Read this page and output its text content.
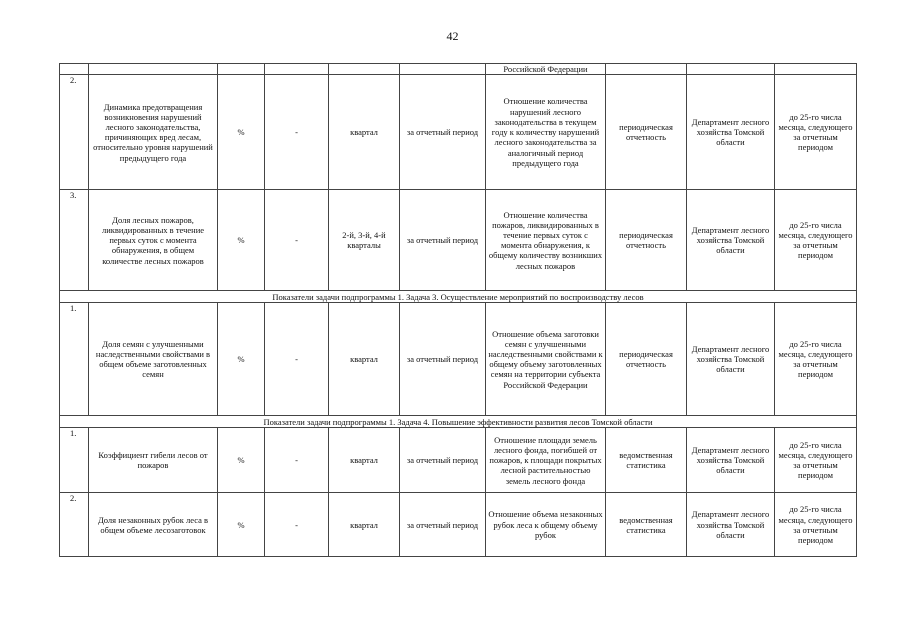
42
						Российской Федерации			
2.	Динамика предотвращения возникновения нарушений лесного законодательства, причиняющих вред лесам, относительно уровня нарушений предыдущего года	%	-	квартал	за отчетный период	Отношение количества нарушений лесного законодательства в текущем году к количеству нарушений лесного законодательства за аналогичный период предыдущего года	периодическая отчетность	Департамент лесного хозяйства Томской области	до 25-го числа месяца, следующего за отчетным периодом
3.	Доля лесных пожаров, ликвидированных в течение первых суток с момента обнаружения, в общем количестве лесных пожаров	%	-	2-й, 3-й, 4-й кварталы	за отчетный период	Отношение количества пожаров, ликвидированных в течение первых суток с момента обнаружения, к общему количеству возникших лесных пожаров	периодическая отчетность	Департамент лесного хозяйства Томской области	до 25-го числа месяца, следующего за отчетным периодом
Показатели задачи подпрограммы 1. Задача 3. Осуществление мероприятий по воспроизводству лесов									
1.	Доля семян с улучшенными наследственными свойствами в общем объеме заготовленных семян	%	-	квартал	за отчетный период	Отношение объема заготовки семян с улучшенными наследственными свойствами к общему объему заготовленных семян на территории субъекта Российской Федерации	периодическая отчетность	Департамент лесного хозяйства Томской области	до 25-го числа месяца, следующего за отчетным периодом
Показатели задачи подпрограммы 1. Задача 4. Повышение эффективности развития лесов Томской области									
1.	Коэффициент гибели лесов от пожаров	%	-	квартал	за отчетный период	Отношение площади земель лесного фонда, погибшей от пожаров, к площади покрытых лесной растительностью земель лесного фонда	ведомственная статистика	Департамент лесного хозяйства Томской области	до 25-го числа месяца, следующего за отчетным периодом
2.	Доля незаконных рубок леса в общем объеме лесозаготовок	%	-	квартал	за отчетный период	Отношение объема незаконных рубок леса к общему объему рубок	ведомственная статистика	Департамент лесного хозяйства Томской области	до 25-го числа месяца, следующего за отчетным периодом
